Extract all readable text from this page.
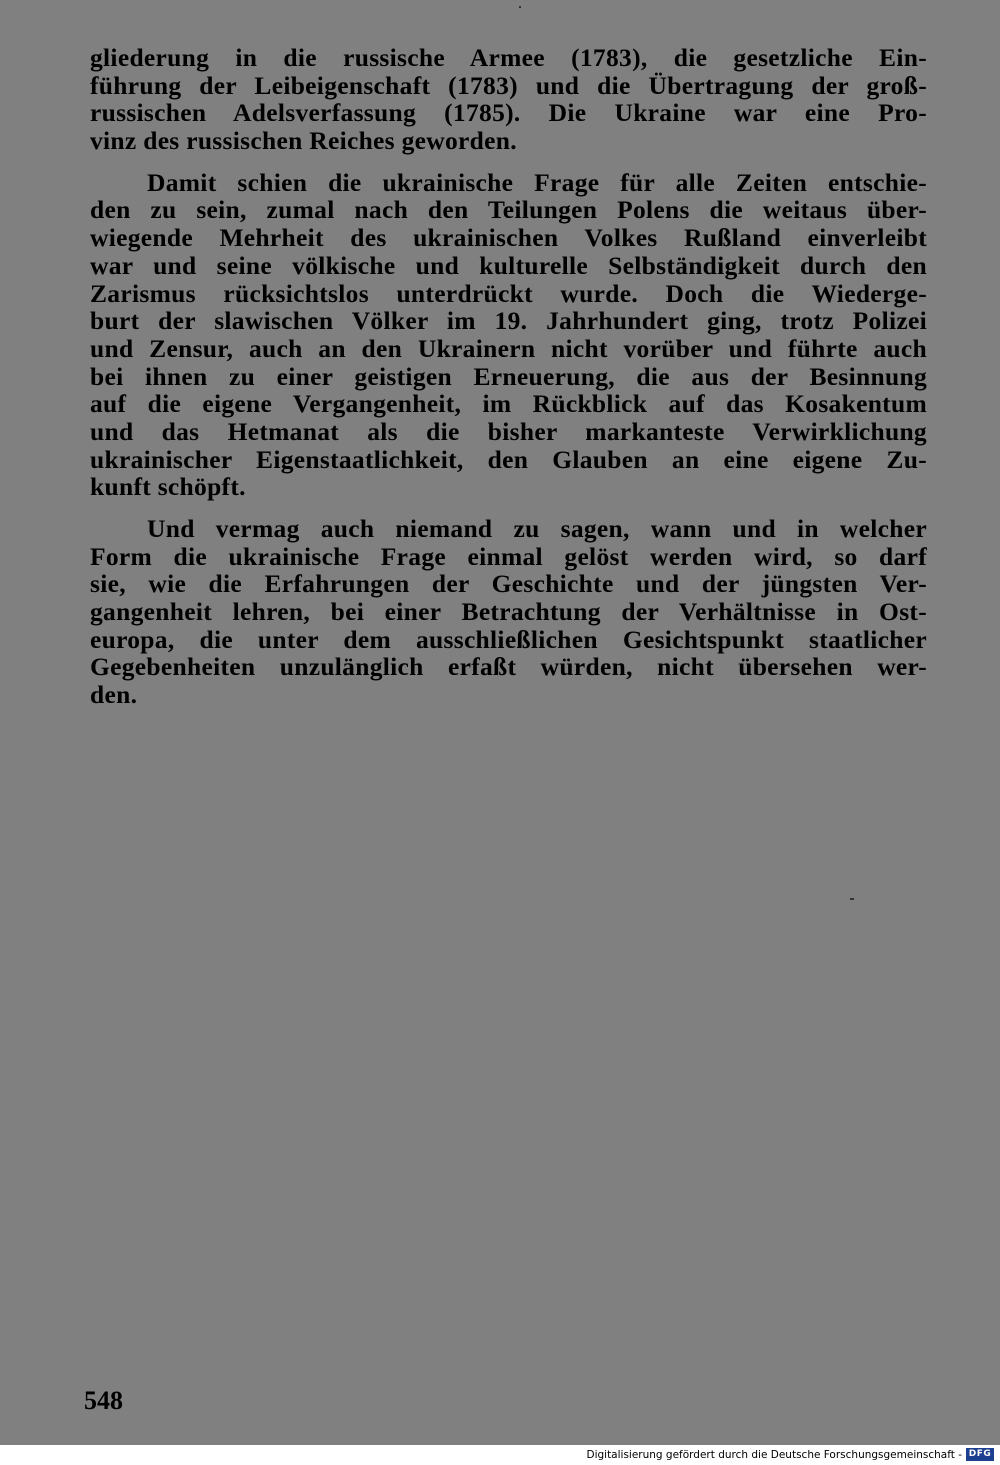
gliederung in die russische Armee (1783), die gesetzliche Ein-
führung der Leibeigenschaft (1783) und die Übertragung der groß-
russischen Adelsverfassung (1785). Die Ukraine war eine Pro-
vinz des russischen Reiches geworden.
Damit schien die ukrainische Frage für alle Zeiten entschie-
den zu sein, zumal nach den Teilungen Polens die weitaus über-
wiegende Mehrheit des ukrainischen Volkes Rußland einverleibt
war und seine völkische und kulturelle Selbständigkeit durch den
Zarismus rücksichtslos unterdrückt wurde. Doch die Wiederge-
burt der slawischen Völker im 19. Jahrhundert ging, trotz Polizei
und Zensur, auch an den Ukrainern nicht vorüber und führte auch
bei ihnen zu einer geistigen Erneuerung, die aus der Besinnung
auf die eigene Vergangenheit, im Rückblick auf das Kosakentum
und das Hetmanat als die bisher markanteste Verwirklichung
ukrainischer Eigenstaatlichkeit, den Glauben an eine eigene Zu-
kunft schöpft.
Und vermag auch niemand zu sagen, wann und in welcher
Form die ukrainische Frage einmal gelöst werden wird, so darf
sie, wie die Erfahrungen der Geschichte und der jüngsten Ver-
gangenheit lehren, bei einer Betrachtung der Verhältnisse in Ost-
europa, die unter dem ausschließlichen Gesichtspunkt staatlicher
Gegebenheiten unzulänglich erfaßt würden, nicht übersehen wer-
den.
548
Digitalisierung gefördert durch die Deutsche Forschungsgemeinschaft - DFG
